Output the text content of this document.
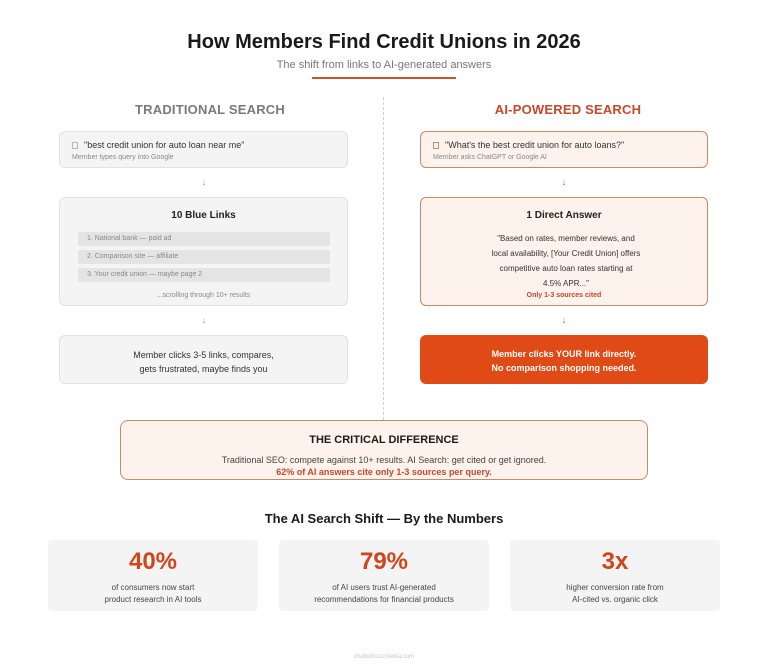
How Members Find Credit Unions in 2026
The shift from links to AI-generated answers
TRADITIONAL SEARCH
"best credit union for auto loan near me"
Member types query into Google
↓
10 Blue Links
1. National bank — paid ad
2. Comparison site — affiliate
3. Your credit union — maybe page 2
...scrolling through 10+ results
↓
Member clicks 3-5 links, compares,
gets frustrated, maybe finds you
AI-POWERED SEARCH
"What's the best credit union for auto loans?"
Member asks ChatGPT or Google AI
↓
1 Direct Answer
"Based on rates, member reviews, and local availability, [Your Credit Union] offers competitive auto loan rates starting at 4.5% APR..."
Only 1-3 sources cited
↓
Member clicks YOUR link directly.
No comparison shopping needed.
THE CRITICAL DIFFERENCE
Traditional SEO: compete against 10+ results. AI Search: get cited or get ignored.
62% of AI answers cite only 1-3 sources per query.
The AI Search Shift — By the Numbers
40%
of consumers now start
product research in AI tools
79%
of AI users trust AI-generated
recommendations for financial products
3x
higher conversion rate from
AI-cited vs. organic click
chatterbuzzmedia.com
